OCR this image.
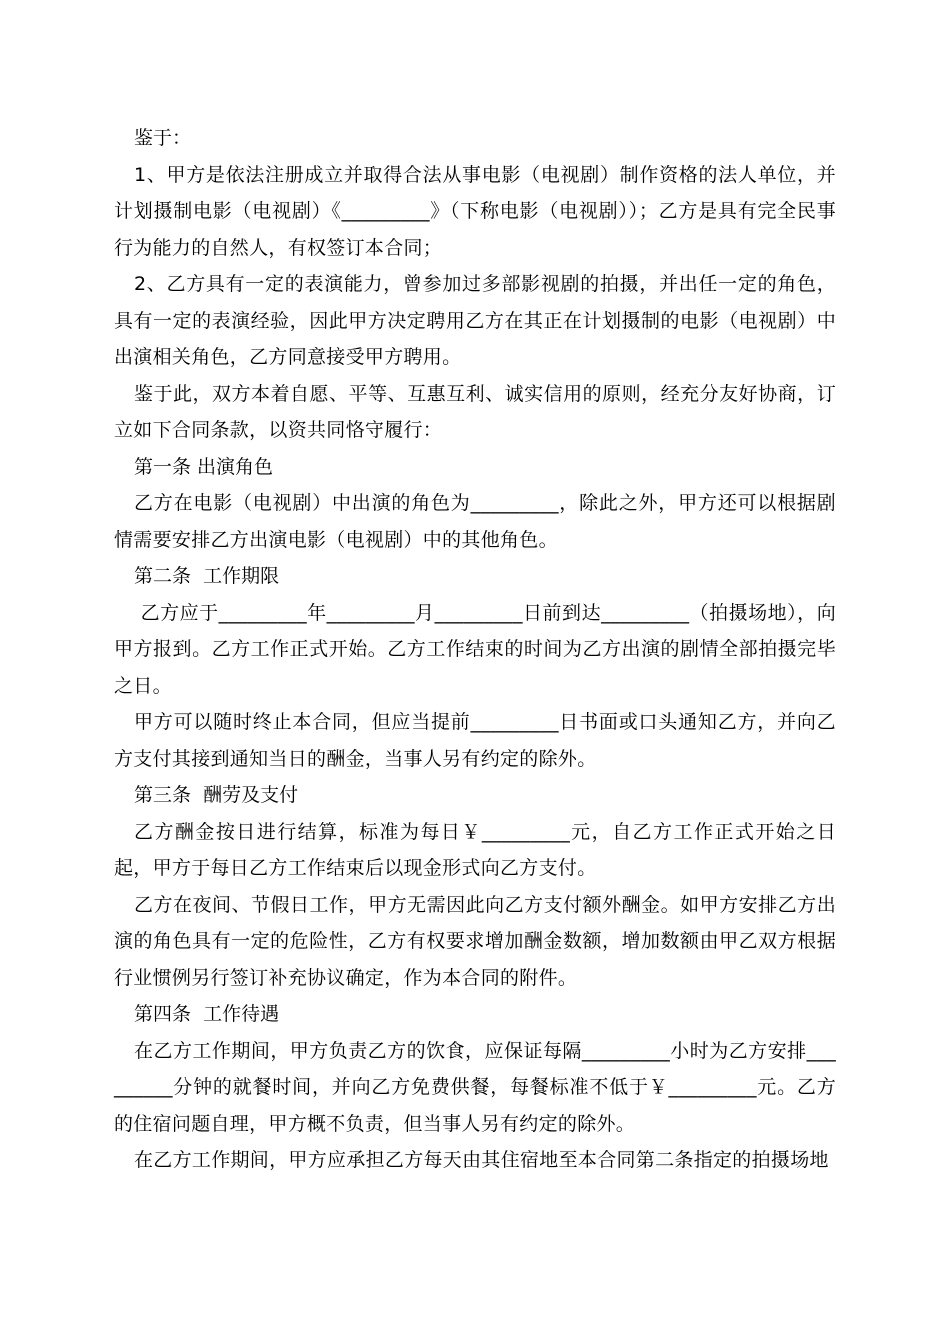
鉴于：

1、甲方是依法注册成立并取得合法从事电影（电视剧）制作资格的法人单位，并计划摄制电影（电视剧）《_________》（下称电影（电视剧））；乙方是具有完全民事行为能力的自然人，有权签订本合同；

2、乙方具有一定的表演能力，曾参加过多部影视剧的拍摄，并出任一定的角色，具有一定的表演经验，因此甲方决定聘用乙方在其正在计划摄制的电影（电视剧）中出演相关角色，乙方同意接受甲方聘用。

鉴于此，双方本着自愿、平等、互惠互利、诚实信用的原则，经充分友好协商，订立如下合同条款，以资共同恪守履行：

第一条 出演角色

乙方在电影（电视剧）中出演的角色为_________，除此之外，甲方还可以根据剧情需要安排乙方出演电影（电视剧）中的其他角色。

第二条  工作期限

乙方应于_________年_________月_________日前到达_________（拍摄场地），向甲方报到。乙方工作正式开始。乙方工作结束的时间为乙方出演的剧情全部拍摄完毕之日。

甲方可以随时终止本合同，但应当提前_________日书面或口头通知乙方，并向乙方支付其接到通知当日的酬金，当事人另有约定的除外。

第三条  酬劳及支付

乙方酬金按日进行结算，标准为每日￥_________元，自乙方工作正式开始之日起，甲方于每日乙方工作结束后以现金形式向乙方支付。

乙方在夜间、节假日工作，甲方无需因此向乙方支付额外酬金。如甲方安排乙方出演的角色具有一定的危险性，乙方有权要求增加酬金数额，增加数额由甲乙双方根据行业惯例另行签订补充协议确定，作为本合同的附件。

第四条  工作待遇

在乙方工作期间，甲方负责乙方的饮食，应保证每隔_________小时为乙方安排_________分钟的就餐时间，并向乙方免费供餐，每餐标准不低于￥_________元。乙方的住宿问题自理，甲方概不负责，但当事人另有约定的除外。

在乙方工作期间，甲方应承担乙方每天由其住宿地至本合同第二条指定的拍摄场地
